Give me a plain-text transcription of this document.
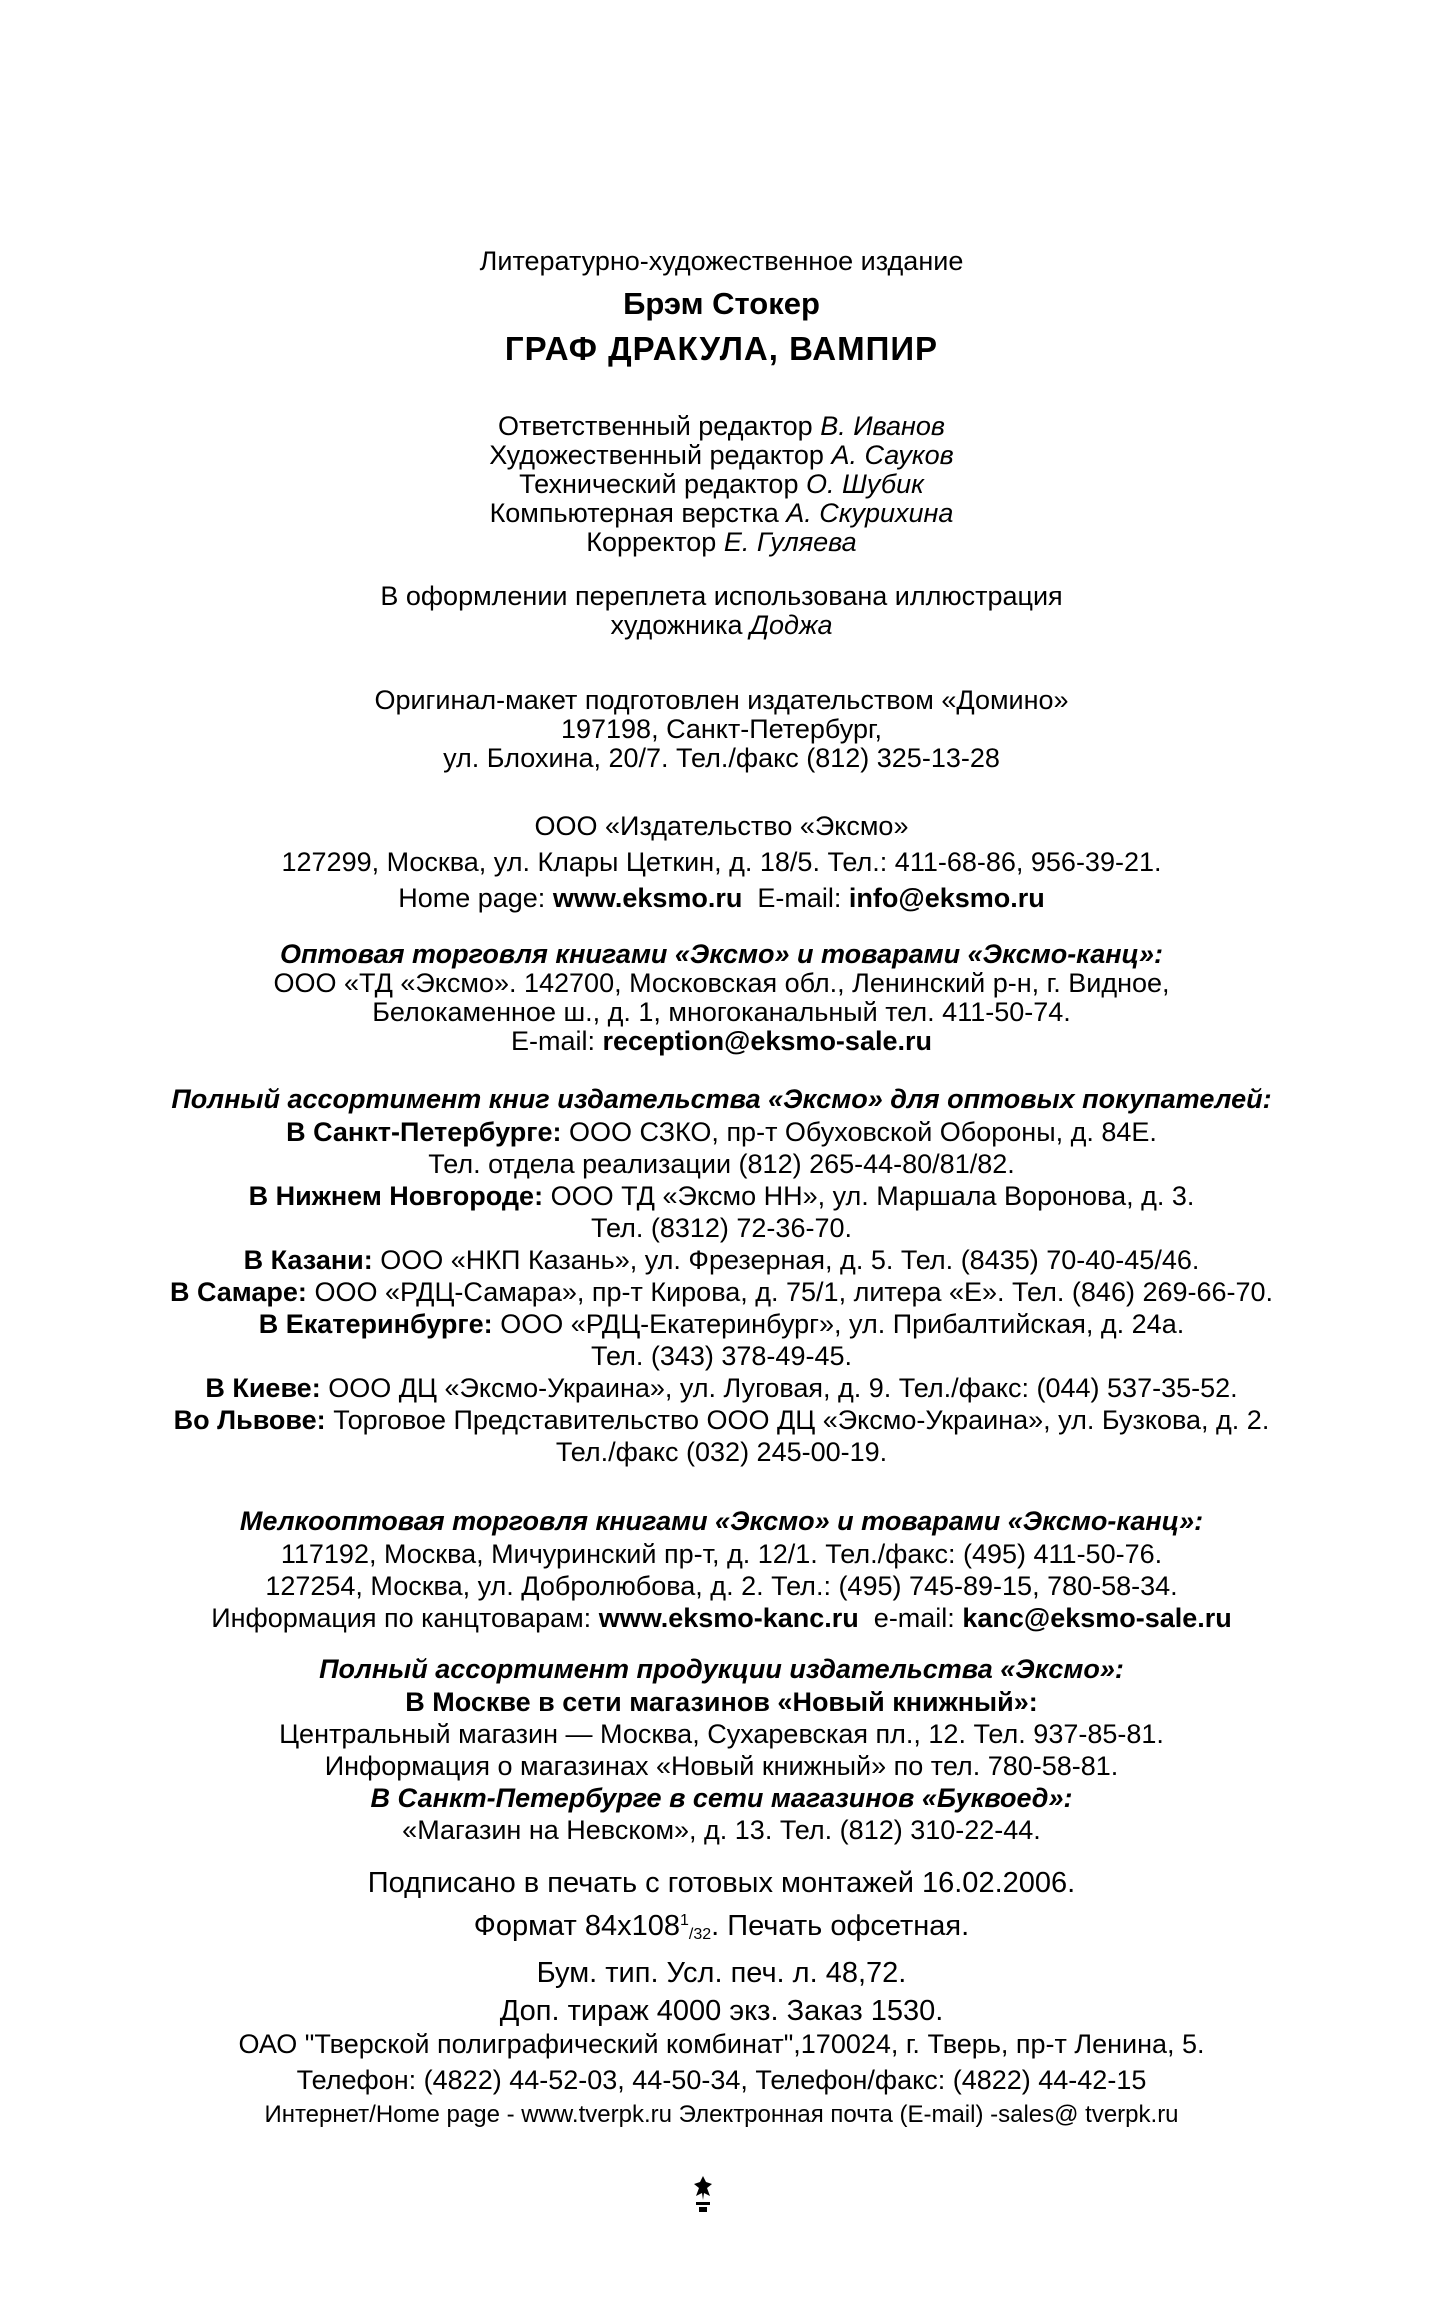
Литературно-художественное издание
Брэм Стокер
ГРАФ ДРАКУЛА, ВАМПИР
Ответственный редактор В. Иванов
Художественный редактор А. Сауков
Технический редактор О. Шубик
Компьютерная верстка А. Скурихина
Корректор Е. Гуляева
В оформлении переплета использована иллюстрация
художника Доджа
Оригинал-макет подготовлен издательством «Домино»
197198, Санкт-Петербург,
ул. Блохина, 20/7. Тел./факс (812) 325-13-28
ООО «Издательство «Эксмо»
127299, Москва, ул. Клары Цеткин, д. 18/5. Тел.: 411-68-86, 956-39-21.
Home page: www.eksmo.ru E-mail: info@eksmo.ru
Оптовая торговля книгами «Эксмо» и товарами «Эксмо-канц»:
ООО «ТД «Эксмо». 142700, Московская обл., Ленинский р-н, г. Видное,
Белокаменное ш., д. 1, многоканальный тел. 411-50-74.
E-mail: reception@eksmo-sale.ru
Полный ассортимент книг издательства «Эксмо» для оптовых покупателей:
В Санкт-Петербурге: ООО СЗКО, пр-т Обуховской Обороны, д. 84Е.
Тел. отдела реализации (812) 265-44-80/81/82.
В Нижнем Новгороде: ООО ТД «Эксмо НН», ул. Маршала Воронова, д. 3.
Тел. (8312) 72-36-70.
В Казани: ООО «НКП Казань», ул. Фрезерная, д. 5. Тел. (8435) 70-40-45/46.
В Самаре: ООО «РДЦ-Самара», пр-т Кирова, д. 75/1, литера «Е». Тел. (846) 269-66-70.
В Екатеринбурге: ООО «РДЦ-Екатеринбург», ул. Прибалтийская, д. 24а.
Тел. (343) 378-49-45.
В Киеве: ООО ДЦ «Эксмо-Украина», ул. Луговая, д. 9. Тел./факс: (044) 537-35-52.
Во Львове: Торговое Представительство ООО ДЦ «Эксмо-Украина», ул. Бузкова, д. 2.
Тел./факс (032) 245-00-19.
Мелкооптовая торговля книгами «Эксмо» и товарами «Эксмо-канц»:
117192, Москва, Мичуринский пр-т, д. 12/1. Тел./факс: (495) 411-50-76.
127254, Москва, ул. Добролюбова, д. 2. Тел.: (495) 745-89-15, 780-58-34.
Информация по канцтоварам: www.eksmo-kanc.ru e-mail: kanc@eksmo-sale.ru
Полный ассортимент продукции издательства «Эксмо»:
В Москве в сети магазинов «Новый книжный»:
Центральный магазин — Москва, Сухаревская пл., 12. Тел. 937-85-81.
Информация о магазинах «Новый книжный» по тел. 780-58-81.
В Санкт-Петербурге в сети магазинов «Буквоед»:
«Магазин на Невском», д. 13. Тел. (812) 310-22-44.
Подписано в печать с готовых монтажей 16.02.2006.
Формат $84x108^1_{/32}$. Печать офсетная.
Бум. тип. Усл. печ. л. 48,72.
Доп. тираж 4000 экз. Заказ 1530.
ОАО "Тверской полиграфический комбинат",170024, г. Тверь, пр-т Ленина, 5.
Телефон: (4822) 44-52-03, 44-50-34, Телефон/факс: (4822) 44-42-15
Интернет/Home page - www.tverpk.ru Электронная почта (E-mail) -sales@ tverpk.ru
